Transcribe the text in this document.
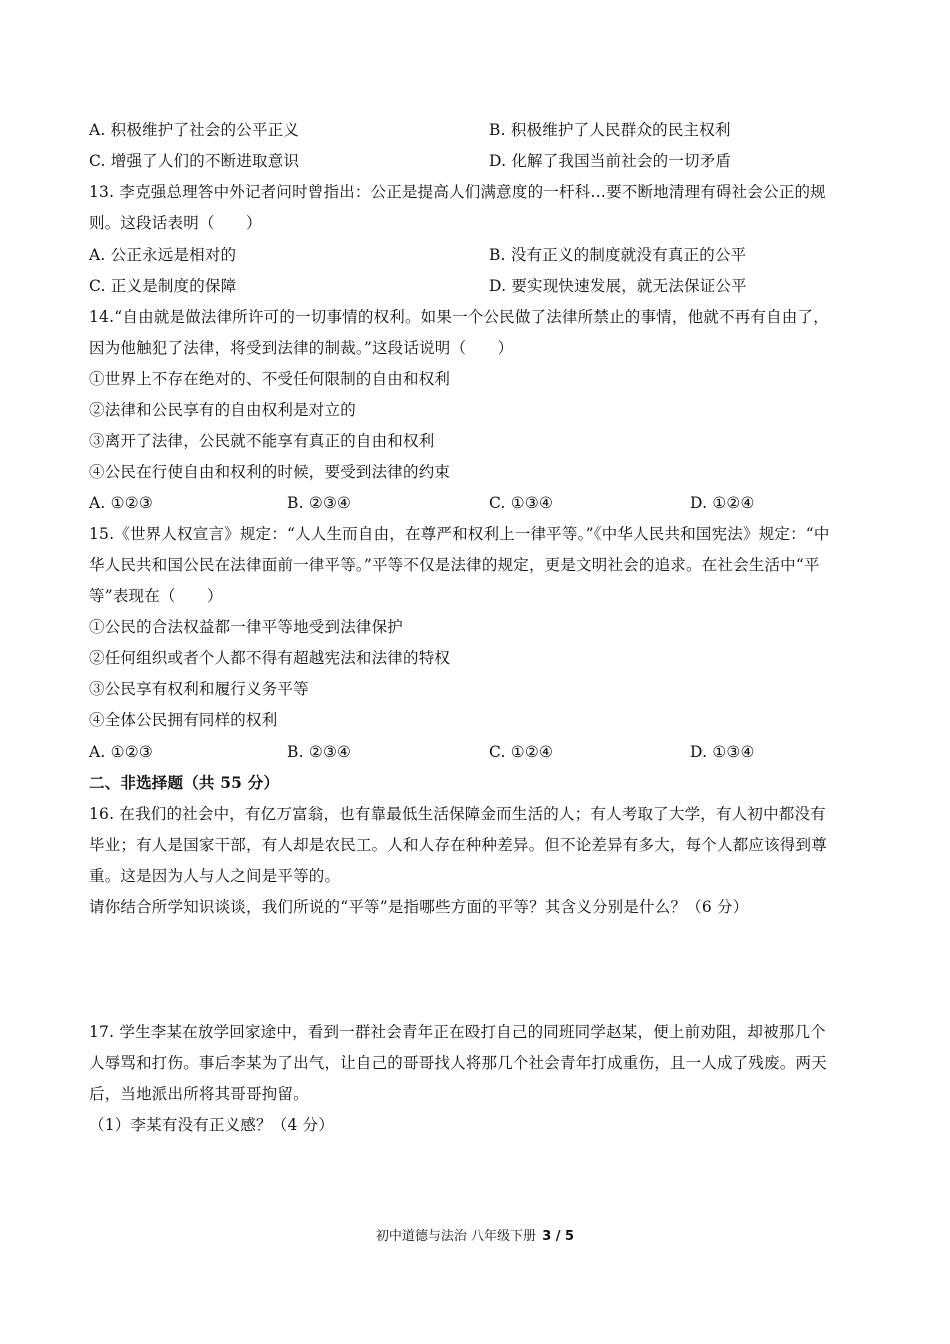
A. 积极维护了社会的公平正义	B. 积极维护了人民群众的民主权利
C. 增强了人们的不断进取意识	D. 化解了我国当前社会的一切矛盾
13. 李克强总理答中外记者问时曾指出：公正是提高人们满意度的一杆科…要不断地清理有碍社会公正的规
则。这段话表明（　　）
A. 公正永远是相对的	B. 没有正义的制度就没有真正的公平
C. 正义是制度的保障	D. 要实现快速发展，就无法保证公平
14.“自由就是做法律所许可的一切事情的权利。如果一个公民做了法律所禁止的事情，他就不再有自由了，
因为他触犯了法律，将受到法律的制裁。”这段话说明（　　）
①世界上不存在绝对的、不受任何限制的自由和权利
②法律和公民享有的自由权利是对立的
③离开了法律，公民就不能享有真正的自由和权利
④公民在行使自由和权利的时候，要受到法律的约束
A. ①②③	B. ②③④	C. ①③④	D. ①②④
15.《世界人权宣言》规定：“人人生而自由，在尊严和权利上一律平等。”《中华人民共和国宪法》规定：“中
华人民共和国公民在法律面前一律平等。”平等不仅是法律的规定，更是文明社会的追求。在社会生活中“平
等”表现在（　　）
①公民的合法权益都一律平等地受到法律保护
②任何组织或者个人都不得有超越宪法和法律的特权
③公民享有权利和履行义务平等
④全体公民拥有同样的权利
A. ①②③	B. ②③④	C. ①②④	D. ①③④
二、非选择题（共 55 分）
16. 在我们的社会中，有亿万富翁，也有靠最低生活保障金而生活的人；有人考取了大学，有人初中都没有
毕业；有人是国家干部，有人却是农民工。人和人存在种种差异。但不论差异有多大，每个人都应该得到尊
重。这是因为人与人之间是平等的。
请你结合所学知识谈谈，我们所说的“平等”是指哪些方面的平等？其含义分别是什么？（6 分）
17. 学生李某在放学回家途中，看到一群社会青年正在殴打自己的同班同学赵某，便上前劝阻，却被那几个
人辱骂和打伤。事后李某为了出气，让自己的哥哥找人将那几个社会青年打成重伤，且一人成了残废。两天
后，当地派出所将其哥哥拘留。
（1）李某有没有正义感？（4 分）
初中道德与法治 八年级下册 3 / 5
